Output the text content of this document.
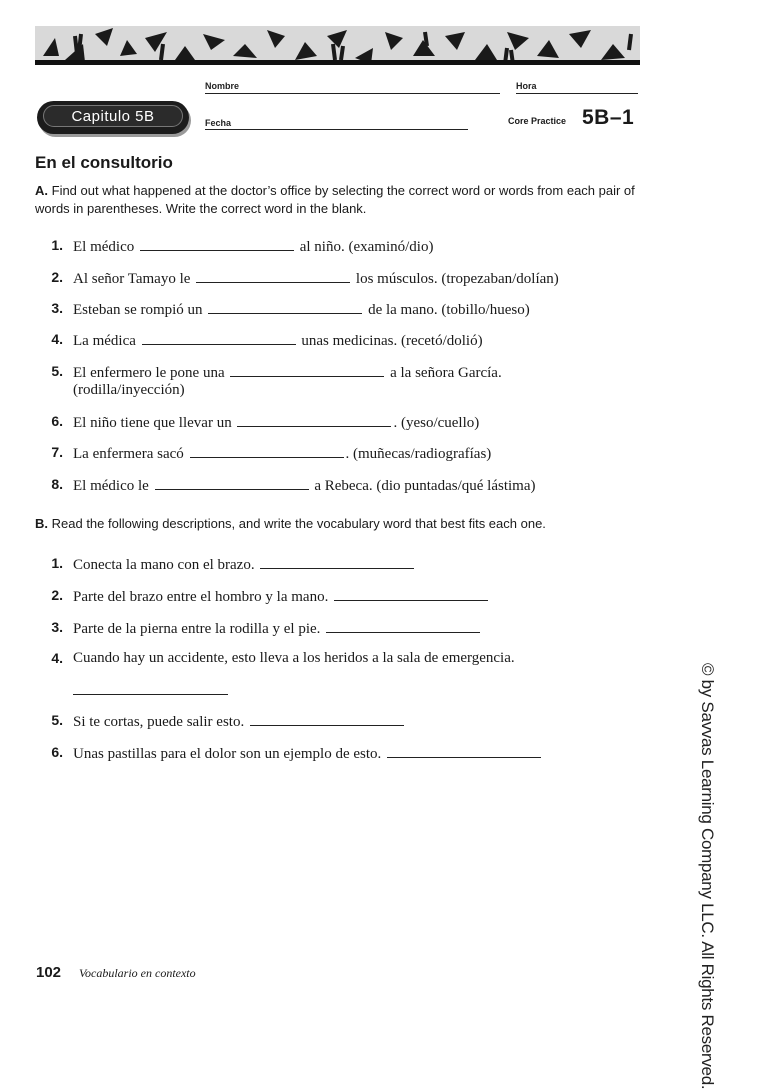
Nombre	Hora
Capitulo 5B	Fecha	Core Practice 5B–1
En el consultorio
A. Find out what happened at the doctor’s office by selecting the correct word or words from each pair of words in parentheses. Write the correct word in the blank.
1. El médico	al niño. (examinó/dio)
2. Al señor Tamayo le	los músculos. (tropezaban/dolían)
3. Esteban se rompió un	de la mano. (tobillo/hueso)
4. La médica	unas medicinas. (recetó/dolió)
5. El enfermero le pone una	a la señora García.
(rodilla/inyección)
6. El niño tiene que llevar un	. (yeso/cuello)
7. La enfermera sacó	. (muñecas/radiografías)
8. El médico le	a Rebeca. (dio puntadas/qué lástima)
B. Read the following descriptions, and write the vocabulary word that best fits each one.
1. Conecta la mano con el brazo.
2. Parte del brazo entre el hombro y la mano.
3. Parte de la pierna entre la rodilla y el pie.
4. Cuando hay un accidente, esto lleva a los heridos a la sala de emergencia.
5. Si te cortas, puede salir esto.
6. Unas pastillas para el dolor son un ejemplo de esto.
102 Vocabulario en contexto	© by Savvas Learning Company LLC. All Rights Reserved.
